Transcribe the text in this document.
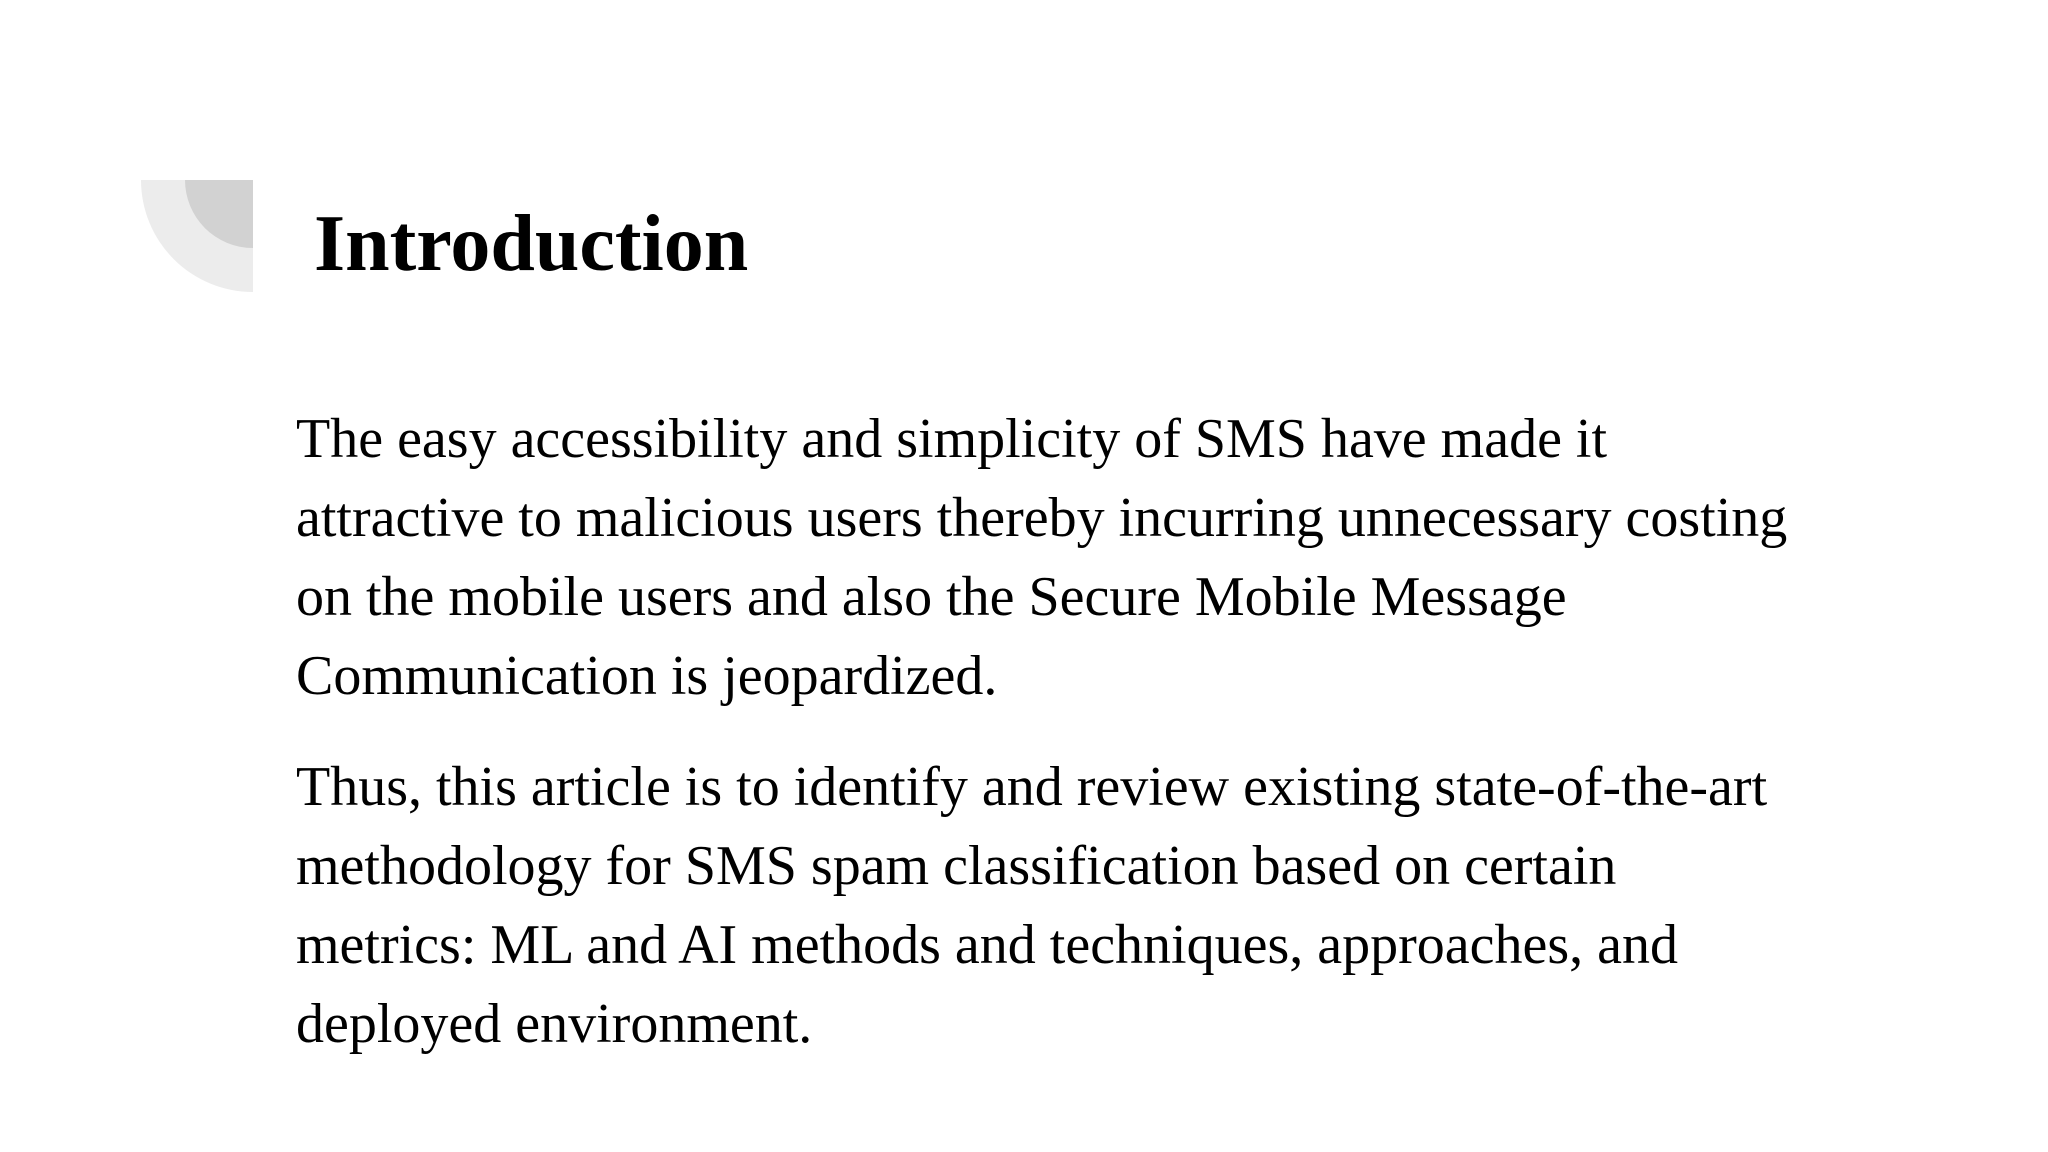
Introduction

The easy accessibility and simplicity of SMS have made it
attractive to malicious users thereby incurring unnecessary costing
on the mobile users and also the Secure Mobile Message
Communication is jeopardized.

Thus, this article is to identify and review existing state-of-the-art
methodology for SMS spam classification based on certain
metrics: ML and AI methods and techniques, approaches, and
deployed environment.
